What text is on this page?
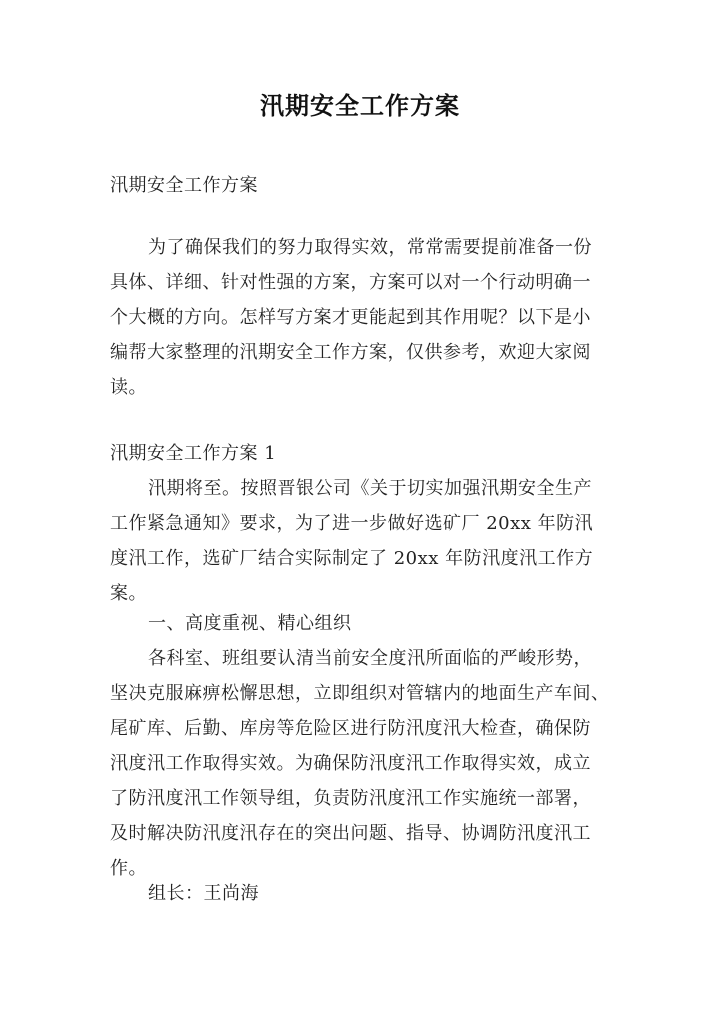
汛期安全工作方案
汛期安全工作方案
为了确保我们的努力取得实效，常常需要提前准备一份
具体、详细、针对性强的方案，方案可以对一个行动明确一
个大概的方向。怎样写方案才更能起到其作用呢？以下是小
编帮大家整理的汛期安全工作方案，仅供参考，欢迎大家阅
读。
汛期安全工作方案 1
汛期将至。按照晋银公司《关于切实加强汛期安全生产
工作紧急通知》要求，为了进一步做好选矿厂 20xx 年防汛
度汛工作，选矿厂结合实际制定了 20xx 年防汛度汛工作方
案。
一、高度重视、精心组织
各科室、班组要认清当前安全度汛所面临的严峻形势，
坚决克服麻痹松懈思想，立即组织对管辖内的地面生产车间、
尾矿库、后勤、库房等危险区进行防汛度汛大检查，确保防
汛度汛工作取得实效。为确保防汛度汛工作取得实效，成立
了防汛度汛工作领导组，负责防汛度汛工作实施统一部署，
及时解决防汛度汛存在的突出问题、指导、协调防汛度汛工
作。
组长：王尚海
